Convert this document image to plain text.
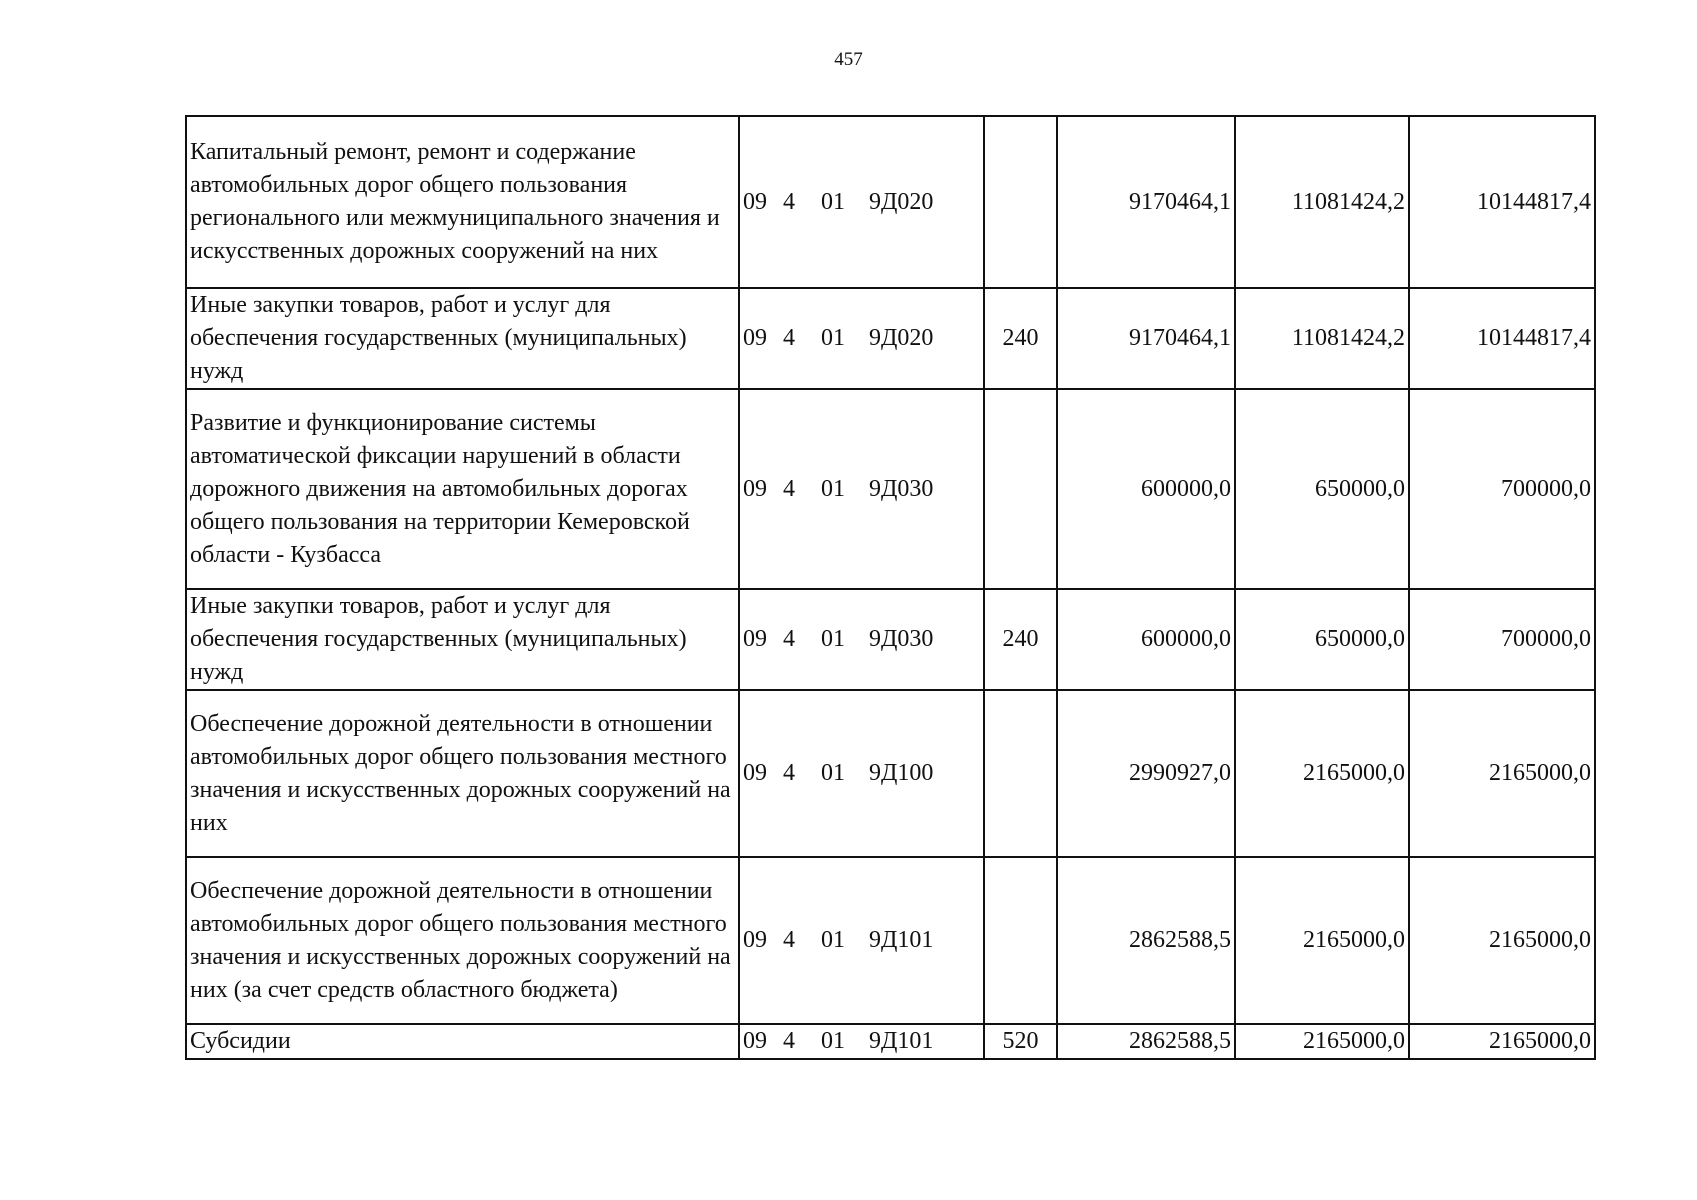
457
Капитальный ремонт, ремонт и содержание автомобильных дорог общего пользования регионального или межмуниципального значения и искусственных дорожных сооружений на них	09 4 01 9Д020		9170464,1	11081424,2	10144817,4
Иные закупки товаров, работ и услуг для обеспечения государственных (муниципальных) нужд	09 4 01 9Д020	240	9170464,1	11081424,2	10144817,4
Развитие и функционирование системы автоматической фиксации нарушений в области дорожного движения на автомобильных дорогах общего пользования на территории Кемеровской области - Кузбасса	09 4 01 9Д030		600000,0	650000,0	700000,0
Иные закупки товаров, работ и услуг для обеспечения государственных (муниципальных) нужд	09 4 01 9Д030	240	600000,0	650000,0	700000,0
Обеспечение дорожной деятельности в отношении автомобильных дорог общего пользования местного значения и искусственных дорожных сооружений на них	09 4 01 9Д100		2990927,0	2165000,0	2165000,0
Обеспечение дорожной деятельности в отношении автомобильных дорог общего пользования местного значения и искусственных дорожных сооружений на них (за счет средств областного бюджета)	09 4 01 9Д101		2862588,5	2165000,0	2165000,0
Субсидии	09 4 01 9Д101	520	2862588,5	2165000,0	2165000,0
